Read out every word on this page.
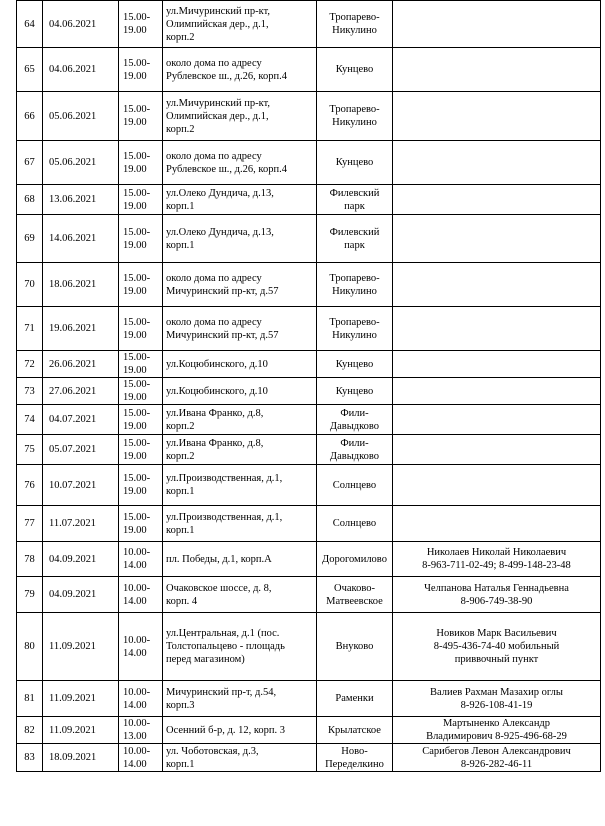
64	04.06.2021	15.00-
19.00	ул.Мичуринский пр-кт,
Олимпийская дер., д.1,
корп.2	Тропарево-
Никулино	
65	04.06.2021	15.00-
19.00	около дома по адресу
Рублевское ш., д.26, корп.4	Кунцево	
66	05.06.2021	15.00-
19.00	ул.Мичуринский пр-кт,
Олимпийская дер., д.1,
корп.2	Тропарево-
Никулино	
67	05.06.2021	15.00-
19.00	около дома по адресу
Рублевское ш., д.26, корп.4	Кунцево	
68	13.06.2021	15.00-
19.00	ул.Олеко Дундича, д.13,
корп.1	Филевский парк	
69	14.06.2021	15.00-
19.00	ул.Олеко Дундича, д.13,
корп.1	Филевский парк	
70	18.06.2021	15.00-
19.00	около дома по адресу
Мичуринский пр-кт, д.57	Тропарево-
Никулино	
71	19.06.2021	15.00-
19.00	около дома по адресу
Мичуринский пр-кт, д.57	Тропарево-
Никулино	
72	26.06.2021	15.00-
19.00	ул.Коцюбинского, д.10	Кунцево	
73	27.06.2021	15.00-
19.00	ул.Коцюбинского, д.10	Кунцево	
74	04.07.2021	15.00-
19.00	ул.Ивана Франко, д.8,
корп.2	Фили-
Давыдково	
75	05.07.2021	15.00-
19.00	ул.Ивана Франко, д.8,
корп.2	Фили-
Давыдково	
76	10.07.2021	15.00-
19.00	ул.Производственная, д.1,
корп.1	Солнцево	
77	11.07.2021	15.00-
19.00	ул.Производственная, д.1,
корп.1	Солнцево	
78	04.09.2021	10.00-
14.00	пл. Победы, д.1, корп.А	Дорогомилово	Николаев Николай Николаевич
8-963-711-02-49; 8-499-148-23-48
79	04.09.2021	10.00-
14.00	Очаковское шоссе, д. 8,
корп. 4	Очаково-
Матвеевское	Челпанова Наталья Геннадьевна
8-906-749-38-90
80	11.09.2021	10.00-
14.00	ул.Центральная, д.1 (пос.
Толстопальцево - площадь
перед магазином)	Внуково	Новиков Марк Васильевич
8-495-436-74-40 мобильный
приввочный пункт
81	11.09.2021	10.00-
14.00	Мичуринский пр-т, д.54,
корп.3	Раменки	Валиев Рахман Мазахир оглы
8-926-108-41-19
82	11.09.2021	10.00-
13.00	Осенний б-р, д. 12, корп. 3	Крылатское	Мартыненко Александр
Владимирович 8-925-496-68-29
83	18.09.2021	10.00-
14.00	ул. Чоботовская, д.3,
корп.1	Ново-
Переделкино	Сарибегов Левон Александрович
8-926-282-46-11
